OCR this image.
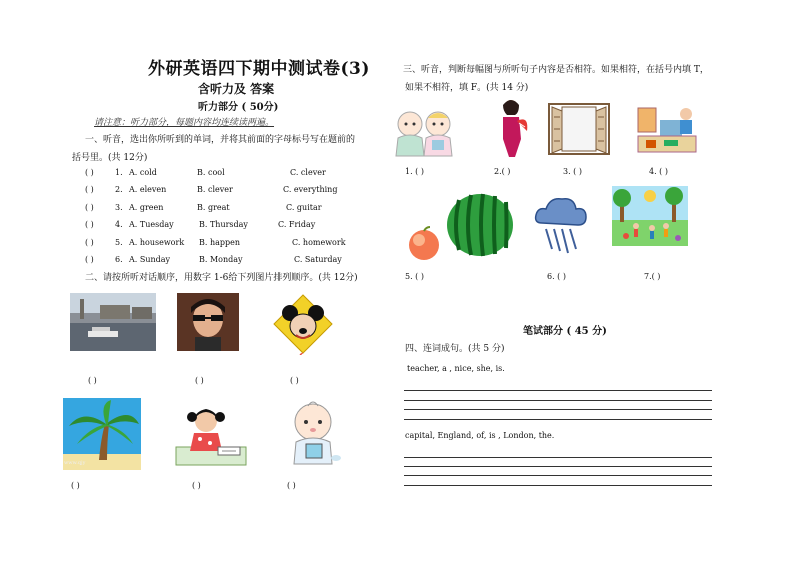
外研英语四下期中测试卷(3)
含听力及 答案
听力部分 ( 50分)
请注意：听力部分，每题内容均连续读两遍。
一、听音，选出你所听到的单词，并将其前面的字母标号写在题前的
括号里。(共 12分)
( )	1. A. cold	B. cool	C. clever
( )	2. A. eleven	B. clever	C. everything
( )	3. A. green	B. great	C. guitar
( )	4. A. Tuesday	B. Thursday	C. Friday
( )	5. A. housework B. happen	C. homework
( )	6. A. Sunday	B. Monday	C. Saturday
二、请按所听对话顺序，用数字 1-6给下列图片排列顺序。(共 12分)
( )	( )	( )
www.qjy
( )	( )	( )
三、听音，判断每幅图与所听句子内容是否相符。如果相符，在括号内填 T，
如果不相符，填 F。(共 14 分)
1. ( )	2.( )	3. ( )	4. ( )
5. ( )	6. ( )	7.( )
笔试部分 ( 45 分)
四、连词成句。(共 5 分)
teacher, a , nice, she, is.
capital, England, of, is , London, the.
